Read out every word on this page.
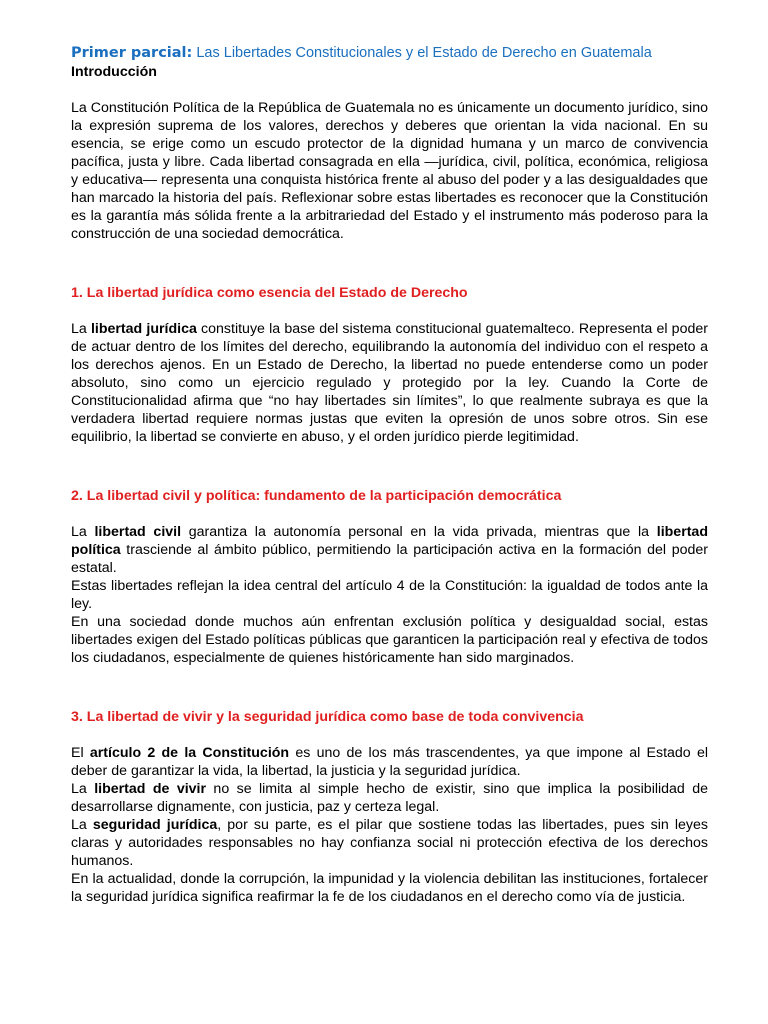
Primer parcial: Las Libertades Constitucionales y el Estado de Derecho en Guatemala
Introducción

La Constitución Política de la República de Guatemala no es únicamente un documento jurídico, sino la expresión suprema de los valores, derechos y deberes que orientan la vida nacional. En su esencia, se erige como un escudo protector de la dignidad humana y un marco de convivencia pacífica, justa y libre. Cada libertad consagrada en ella —jurídica, civil, política, económica, religiosa y educativa— representa una conquista histórica frente al abuso del poder y a las desigualdades que han marcado la historia del país. Reflexionar sobre estas libertades es reconocer que la Constitución es la garantía más sólida frente a la arbitrariedad del Estado y el instrumento más poderoso para la construcción de una sociedad democrática.

1. La libertad jurídica como esencia del Estado de Derecho

La libertad jurídica constituye la base del sistema constitucional guatemalteco. Representa el poder de actuar dentro de los límites del derecho, equilibrando la autonomía del individuo con el respeto a los derechos ajenos. En un Estado de Derecho, la libertad no puede entenderse como un poder absoluto, sino como un ejercicio regulado y protegido por la ley. Cuando la Corte de Constitucionalidad afirma que “no hay libertades sin límites”, lo que realmente subraya es que la verdadera libertad requiere normas justas que eviten la opresión de unos sobre otros. Sin ese equilibrio, la libertad se convierte en abuso, y el orden jurídico pierde legitimidad.

2. La libertad civil y política: fundamento de la participación democrática

La libertad civil garantiza la autonomía personal en la vida privada, mientras que la libertad política trasciende al ámbito público, permitiendo la participación activa en la formación del poder estatal.

Estas libertades reflejan la idea central del artículo 4 de la Constitución: la igualdad de todos ante la ley.

En una sociedad donde muchos aún enfrentan exclusión política y desigualdad social, estas libertades exigen del Estado políticas públicas que garanticen la participación real y efectiva de todos los ciudadanos, especialmente de quienes históricamente han sido marginados.

3. La libertad de vivir y la seguridad jurídica como base de toda convivencia

El artículo 2 de la Constitución es uno de los más trascendentes, ya que impone al Estado el deber de garantizar la vida, la libertad, la justicia y la seguridad jurídica.

La libertad de vivir no se limita al simple hecho de existir, sino que implica la posibilidad de desarrollarse dignamente, con justicia, paz y certeza legal.

La seguridad jurídica, por su parte, es el pilar que sostiene todas las libertades, pues sin leyes claras y autoridades responsables no hay confianza social ni protección efectiva de los derechos humanos.

En la actualidad, donde la corrupción, la impunidad y la violencia debilitan las instituciones, fortalecer la seguridad jurídica significa reafirmar la fe de los ciudadanos en el derecho como vía de justicia.
